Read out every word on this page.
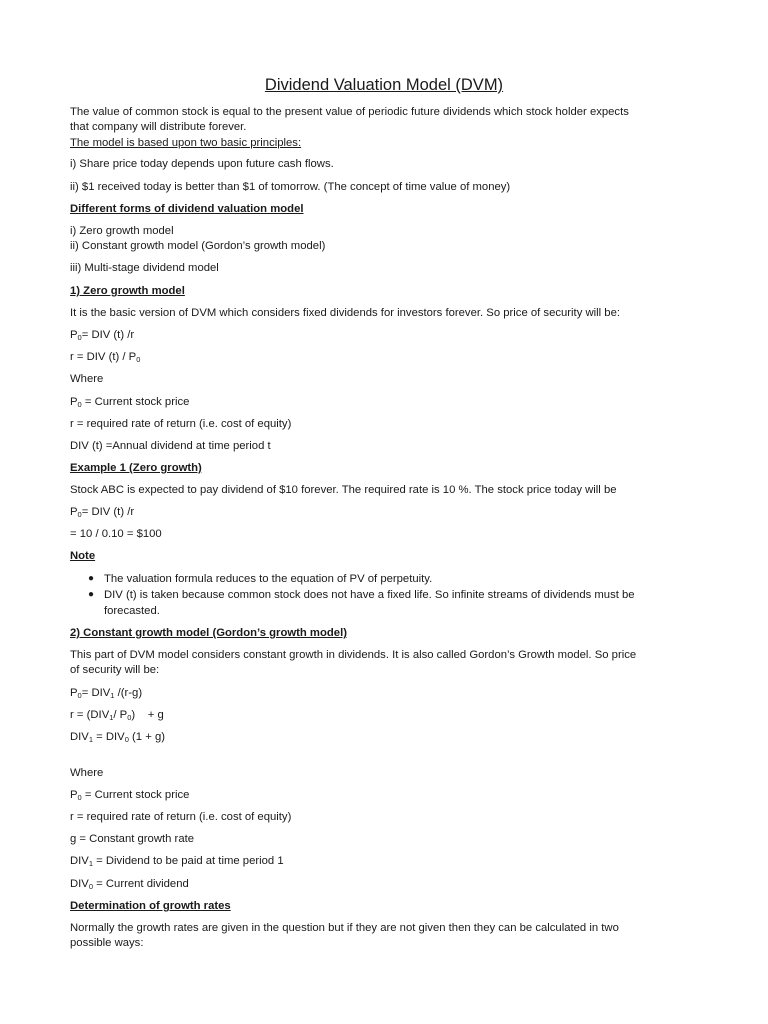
Dividend Valuation Model (DVM)

The value of common stock is equal to the present value of periodic future dividends which stock holder expects

that company will distribute forever.

The model is based upon two basic principles:

i) Share price today depends upon future cash flows.

ii) $1 received today is better than $1 of tomorrow. (The concept of time value of money)

Different forms of dividend valuation model

i) Zero growth model

ii) Constant growth model (Gordon’s growth model)

iii) Multi-stage dividend model

1) Zero growth model

It is the basic version of DVM which considers fixed dividends for investors forever. So price of security will be:

$P_0=$ DIV (t) /r

r = DIV $(t) / P_0$

Where

$P_0$ = Current stock price

r = required rate of return (i.e. cost of equity)

DIV (t) =Annual dividend at time period t

Example 1 (Zero growth)

Stock ABC is expected to pay dividend of $10 forever. The required rate is 10 %. The stock price today will be

$P_0=$ DIV (t) /r

= 10 / 0.10 = $100

Note

● The valuation formula reduces to the equation of PV of perpetuity.

● DIV (t) is taken because common stock does not have a fixed life. So infinite streams of dividends must be

forecasted.

2) Constant growth model (Gordon’s growth model)

This part of DVM model considers constant growth in dividends. It is also called Gordon’s Growth model. So price

of security will be:

$P_0= DIV_1$ /(r-g)

$r = (DIV_1/$ $P_0$)    + g

$DIV_1 = DIV_0$ (1 + g)

Where

$P_0$ = Current stock price

r = required rate of return (i.e. cost of equity)

g = Constant growth rate

$DIV_1$ = Dividend to be paid at time period 1

$DIV_0$ = Current dividend

Determination of growth rates

Normally the growth rates are given in the question but if they are not given then they can be calculated in two

possible ways:
